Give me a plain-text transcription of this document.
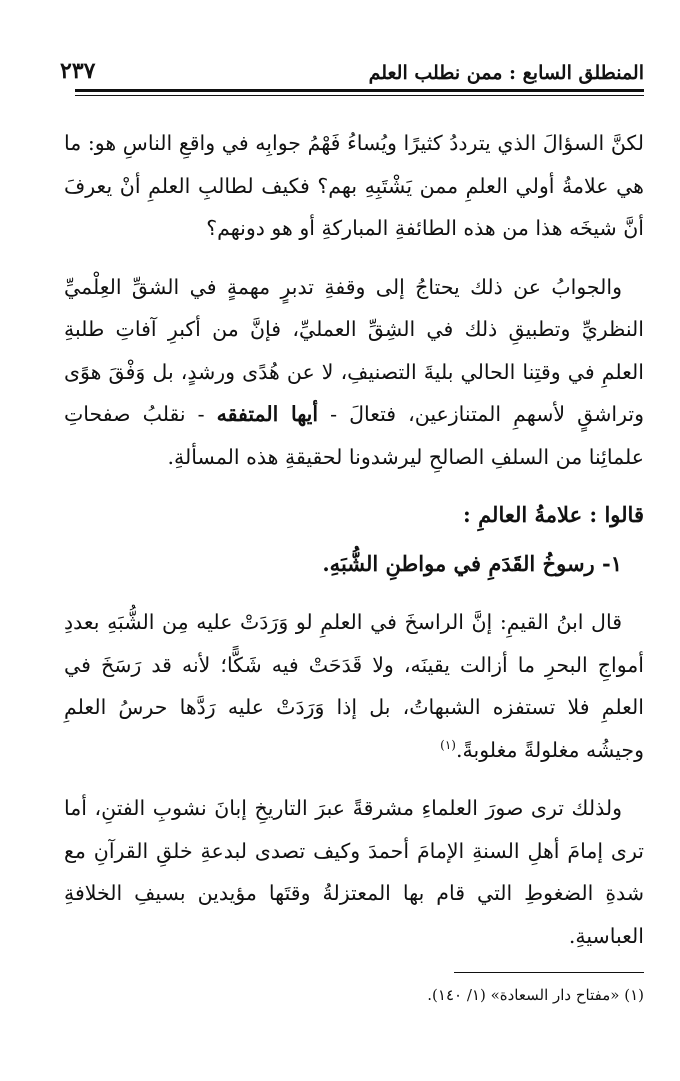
المنطلق السابع : ممن نطلب العلم
٢٣٧

لكنَّ السؤالَ الذي يترددُ كثيرًا ويُساءُ فَهْمُ جوابِه في واقعِ الناسِ هو: ما هي علامةُ أولي العلمِ ممن يَشْتَبِهِ بهم؟ فكيف لطالبِ العلمِ أنْ يعرفَ أنَّ شيخَه هذا من هذه الطائفةِ المباركةِ أو هو دونهم؟

والجوابُ عن ذلك يحتاجُ إلى وقفةِ تدبرٍ مهمةٍ في الشقِّ العِلْميِّ النظريِّ وتطبيقِ ذلك في الشِقِّ العمليِّ، فإنَّ من أكبرِ آفاتِ طلبةِ العلمِ في وقتِنا الحالي بليةَ التصنيفِ، لا عن هُدًى ورشدٍ، بل وَفْقَ هوًى وتراشقٍ لأسهمِ المتنازعين، فتعالَ - أيها المتفقه - نقلبُ صفحاتِ علمائِنا من السلفِ الصالحِ ليرشدونا لحقيقةِ هذه المسألةِ.

قالوا : علامةُ العالمِ :

١- رسوخُ القَدَمِ في مواطنِ الشُّبَهِ.

قال ابنُ القيمِ: إنَّ الراسخَ في العلمِ لو وَرَدَتْ عليه مِن الشُّبَهِ بعددِ أمواجِ البحرِ ما أزالت يقينَه، ولا قَدَحَتْ فيه شَكًّا؛ لأنه قد رَسَخَ في العلمِ فلا تستفزه الشبهاتُ، بل إذا وَرَدَتْ عليه رَدَّها حرسُ العلمِ وجيشُه مغلولةً مغلوبةً.$^{(١)}$

ولذلك ترى صورَ العلماءِ مشرقةً عبرَ التاريخِ إبانَ نشوبِ الفتنِ، أما ترى إمامَ أهلِ السنةِ الإمامَ أحمدَ وكيف تصدى لبدعةِ خلقِ القرآنِ مع شدةِ الضغوطِ التي قام بها المعتزلةُ وقتَها مؤيدين بسيفِ الخلافةِ العباسيةِ.

(١) «مفتاح دار السعادة» (١/ ١٤٠).
